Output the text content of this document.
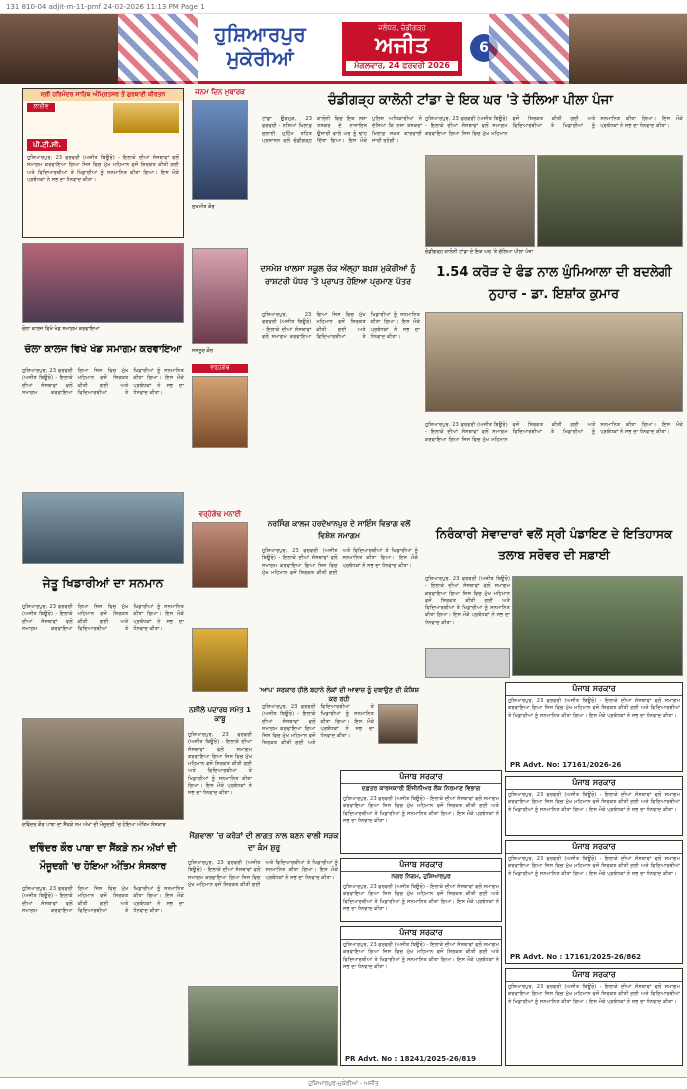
131 810-04 adjit-m-11-pmf 24-02-2026 11:13 PM Page 1
ਹੁਸ਼ਿਆਰਪੁਰ
ਮੁਕੇਰੀਆਂ
ਜਲੰਧਰ, ਚੰਡੀਗੜ੍ਹ
ਅਜੀਤ
ਮੰਗਲਵਾਰ, 24 ਫਰਵਰੀ 2026
6
ਸ੍ਰੀ ਹਰਿਮੰਦਰ ਸਾਹਿਬ ਅੰਮ੍ਰਿਤਸਰ ਤੋਂ ਗੁਰਬਾਣੀ ਕੀਰਤਨ
ਲਾਈਵ
ਪੀ.ਟੀ.ਸੀ.
ਹੁਸ਼ਿਆਰਪੁਰ, 23 ਫਰਵਰੀ (ਅਜੀਤ ਬਿਊਰੋ) - ਇਲਾਕੇ ਦੀਆਂ ਸੰਸਥਾਵਾਂ ਵਲੋਂ ਸਮਾਗਮ ਕਰਵਾਇਆ ਗਿਆ ਜਿਸ ਵਿਚ ਮੁੱਖ ਮਹਿਮਾਨ ਵਜੋਂ ਸ਼ਿਰਕਤ ਕੀਤੀ ਗਈ ਅਤੇ ਵਿਦਿਆਰਥੀਆਂ ਤੇ ਖਿਡਾਰੀਆਂ ਨੂੰ ਸਨਮਾਨਿਤ ਕੀਤਾ ਗਿਆ। ਇਸ ਮੌਕੇ ਪ੍ਰਬੰਧਕਾਂ ਨੇ ਸਭ ਦਾ ਧੰਨਵਾਦ ਕੀਤਾ।
ਜਨਮ ਦਿਨ ਮੁਬਾਰਕ
ਸੁਖਮੀਤ ਕੌਰ
ਜਸਨੂਰ ਕੌਰ
ਵਰ੍ਹੇਗੰਢ
ਚੰਡੀਗੜ੍ਹ ਕਾਲੋਨੀ ਟਾਂਡਾ ਦੇ ਇਕ ਘਰ 'ਤੇ ਚੱਲਿਆ ਪੀਲਾ ਪੰਜਾ
ਟਾਂਡਾ ਉੜਮੁੜ, 23 ਫਰਵਰੀ - ਨਸ਼ਿਆਂ ਖ਼ਿਲਾਫ਼ ਚਲਾਈ ਮੁਹਿੰਮ ਤਹਿਤ ਪ੍ਰਸ਼ਾਸਨ ਵਲੋਂ ਚੰਡੀਗੜ੍ਹ ਕਾਲੋਨੀ ਵਿਚ ਇਕ ਨਸ਼ਾ ਤਸਕਰ ਦੇ ਨਾਜਾਇਜ਼ ਉਸਾਰੀ ਵਾਲੇ ਘਰ ਨੂੰ ਢਾਹ ਦਿੱਤਾ ਗਿਆ। ਇਸ ਮੌਕੇ ਪੁਲਿਸ ਅਧਿਕਾਰੀਆਂ ਨੇ ਦੱਸਿਆ ਕਿ ਨਸ਼ਾ ਤਸਕਰਾਂ ਖ਼ਿਲਾਫ਼ ਸਖ਼ਤ ਕਾਰਵਾਈ ਜਾਰੀ ਰਹੇਗੀ।
ਹੁਸ਼ਿਆਰਪੁਰ, 23 ਫਰਵਰੀ (ਅਜੀਤ ਬਿਊਰੋ) - ਇਲਾਕੇ ਦੀਆਂ ਸੰਸਥਾਵਾਂ ਵਲੋਂ ਸਮਾਗਮ ਕਰਵਾਇਆ ਗਿਆ ਜਿਸ ਵਿਚ ਮੁੱਖ ਮਹਿਮਾਨ ਵਜੋਂ ਸ਼ਿਰਕਤ ਕੀਤੀ ਗਈ ਅਤੇ ਵਿਦਿਆਰਥੀਆਂ ਤੇ ਖਿਡਾਰੀਆਂ ਨੂੰ ਸਨਮਾਨਿਤ ਕੀਤਾ ਗਿਆ। ਇਸ ਮੌਕੇ ਪ੍ਰਬੰਧਕਾਂ ਨੇ ਸਭ ਦਾ ਧੰਨਵਾਦ ਕੀਤਾ।
ਚੰਡੀਗੜ੍ਹ ਕਾਲੋਨੀ ਟਾਂਡਾ ਦੇ ਇਕ ਘਰ 'ਤੇ ਚੱਲਿਆ ਪੀਲਾ ਪੰਜਾ
ਚੋਲਾ ਕਾਲਜ ਵਿਖੇ ਖੇਡ ਸਮਾਗਮ ਕਰਵਾਇਆ
ਚੋਲਾ ਕਾਲਜ ਵਿਖੇ ਖੇਡ ਸਮਾਗਮ ਕਰਵਾਇਆ
ਹੁਸ਼ਿਆਰਪੁਰ, 23 ਫਰਵਰੀ (ਅਜੀਤ ਬਿਊਰੋ) - ਇਲਾਕੇ ਦੀਆਂ ਸੰਸਥਾਵਾਂ ਵਲੋਂ ਸਮਾਗਮ ਕਰਵਾਇਆ ਗਿਆ ਜਿਸ ਵਿਚ ਮੁੱਖ ਮਹਿਮਾਨ ਵਜੋਂ ਸ਼ਿਰਕਤ ਕੀਤੀ ਗਈ ਅਤੇ ਵਿਦਿਆਰਥੀਆਂ ਤੇ ਖਿਡਾਰੀਆਂ ਨੂੰ ਸਨਮਾਨਿਤ ਕੀਤਾ ਗਿਆ। ਇਸ ਮੌਕੇ ਪ੍ਰਬੰਧਕਾਂ ਨੇ ਸਭ ਦਾ ਧੰਨਵਾਦ ਕੀਤਾ।
ਦਸਮੇਸ਼ ਖਾਲਸਾ ਸਕੂਲ ਚੱਕ ਅੱਲ੍ਹਾ ਬਖ਼ਸ਼ ਮੁਕੇਰੀਆਂ ਨੂੰ ਰਾਸ਼ਟਰੀ ਪੱਧਰ 'ਤੇ ਪ੍ਰਾਪਤ ਹੋਇਆ ਪ੍ਰਮਾਣ ਪੱਤਰ
ਹੁਸ਼ਿਆਰਪੁਰ, 23 ਫਰਵਰੀ (ਅਜੀਤ ਬਿਊਰੋ) - ਇਲਾਕੇ ਦੀਆਂ ਸੰਸਥਾਵਾਂ ਵਲੋਂ ਸਮਾਗਮ ਕਰਵਾਇਆ ਗਿਆ ਜਿਸ ਵਿਚ ਮੁੱਖ ਮਹਿਮਾਨ ਵਜੋਂ ਸ਼ਿਰਕਤ ਕੀਤੀ ਗਈ ਅਤੇ ਵਿਦਿਆਰਥੀਆਂ ਤੇ ਖਿਡਾਰੀਆਂ ਨੂੰ ਸਨਮਾਨਿਤ ਕੀਤਾ ਗਿਆ। ਇਸ ਮੌਕੇ ਪ੍ਰਬੰਧਕਾਂ ਨੇ ਸਭ ਦਾ ਧੰਨਵਾਦ ਕੀਤਾ।
1.54 ਕਰੋੜ ਦੇ ਫੰਡ ਨਾਲ ਘੁੰਮਿਆਲਾ ਦੀ ਬਦਲੇਗੀ ਨੁਹਾਰ - ਡਾ. ਇਸ਼ਾਂਕ ਕੁਮਾਰ
ਹੁਸ਼ਿਆਰਪੁਰ, 23 ਫਰਵਰੀ (ਅਜੀਤ ਬਿਊਰੋ) - ਇਲਾਕੇ ਦੀਆਂ ਸੰਸਥਾਵਾਂ ਵਲੋਂ ਸਮਾਗਮ ਕਰਵਾਇਆ ਗਿਆ ਜਿਸ ਵਿਚ ਮੁੱਖ ਮਹਿਮਾਨ ਵਜੋਂ ਸ਼ਿਰਕਤ ਕੀਤੀ ਗਈ ਅਤੇ ਵਿਦਿਆਰਥੀਆਂ ਤੇ ਖਿਡਾਰੀਆਂ ਨੂੰ ਸਨਮਾਨਿਤ ਕੀਤਾ ਗਿਆ। ਇਸ ਮੌਕੇ ਪ੍ਰਬੰਧਕਾਂ ਨੇ ਸਭ ਦਾ ਧੰਨਵਾਦ ਕੀਤਾ।
ਨਿਰੰਕਾਰੀ ਸੇਵਾਦਾਰਾਂ ਵਲੋਂ ਸ੍ਰੀ ਪੰਡਾਇਣ ਦੇ ਇਤਿਹਾਸਕ ਤਲਾਬ ਸਰੋਵਰ ਦੀ ਸਫ਼ਾਈ
ਹੁਸ਼ਿਆਰਪੁਰ, 23 ਫਰਵਰੀ (ਅਜੀਤ ਬਿਊਰੋ) - ਇਲਾਕੇ ਦੀਆਂ ਸੰਸਥਾਵਾਂ ਵਲੋਂ ਸਮਾਗਮ ਕਰਵਾਇਆ ਗਿਆ ਜਿਸ ਵਿਚ ਮੁੱਖ ਮਹਿਮਾਨ ਵਜੋਂ ਸ਼ਿਰਕਤ ਕੀਤੀ ਗਈ ਅਤੇ ਵਿਦਿਆਰਥੀਆਂ ਤੇ ਖਿਡਾਰੀਆਂ ਨੂੰ ਸਨਮਾਨਿਤ ਕੀਤਾ ਗਿਆ। ਇਸ ਮੌਕੇ ਪ੍ਰਬੰਧਕਾਂ ਨੇ ਸਭ ਦਾ ਧੰਨਵਾਦ ਕੀਤਾ।
ਨਰਸਿੰਗ ਕਾਲਜ ਹਰਦੋਖਾਨਪੁਰ ਦੇ ਸਾਇੰਸ ਵਿਭਾਗ ਵਲੋਂ ਵਿਸ਼ੇਸ਼ ਸਮਾਗਮ
ਹੁਸ਼ਿਆਰਪੁਰ, 23 ਫਰਵਰੀ (ਅਜੀਤ ਬਿਊਰੋ) - ਇਲਾਕੇ ਦੀਆਂ ਸੰਸਥਾਵਾਂ ਵਲੋਂ ਸਮਾਗਮ ਕਰਵਾਇਆ ਗਿਆ ਜਿਸ ਵਿਚ ਮੁੱਖ ਮਹਿਮਾਨ ਵਜੋਂ ਸ਼ਿਰਕਤ ਕੀਤੀ ਗਈ ਅਤੇ ਵਿਦਿਆਰਥੀਆਂ ਤੇ ਖਿਡਾਰੀਆਂ ਨੂੰ ਸਨਮਾਨਿਤ ਕੀਤਾ ਗਿਆ। ਇਸ ਮੌਕੇ ਪ੍ਰਬੰਧਕਾਂ ਨੇ ਸਭ ਦਾ ਧੰਨਵਾਦ ਕੀਤਾ।
ਵਰ੍ਹੇਗੰਢ ਮਨਾਈ
ਜੇਤੂ ਖਿਡਾਰੀਆਂ ਦਾ ਸਨਮਾਨ
ਹੁਸ਼ਿਆਰਪੁਰ, 23 ਫਰਵਰੀ (ਅਜੀਤ ਬਿਊਰੋ) - ਇਲਾਕੇ ਦੀਆਂ ਸੰਸਥਾਵਾਂ ਵਲੋਂ ਸਮਾਗਮ ਕਰਵਾਇਆ ਗਿਆ ਜਿਸ ਵਿਚ ਮੁੱਖ ਮਹਿਮਾਨ ਵਜੋਂ ਸ਼ਿਰਕਤ ਕੀਤੀ ਗਈ ਅਤੇ ਵਿਦਿਆਰਥੀਆਂ ਤੇ ਖਿਡਾਰੀਆਂ ਨੂੰ ਸਨਮਾਨਿਤ ਕੀਤਾ ਗਿਆ। ਇਸ ਮੌਕੇ ਪ੍ਰਬੰਧਕਾਂ ਨੇ ਸਭ ਦਾ ਧੰਨਵਾਦ ਕੀਤਾ।
'ਆਪ' ਸਰਕਾਰ ਹੀਲੇ ਬਹਾਨੇ ਲੋਕਾਂ ਦੀ ਆਵਾਜ਼ ਨੂੰ ਦਬਾਉਣ ਦੀ ਕੋਸ਼ਿਸ਼ ਕਰ ਰਹੀ
ਹੁਸ਼ਿਆਰਪੁਰ, 23 ਫਰਵਰੀ (ਅਜੀਤ ਬਿਊਰੋ) - ਇਲਾਕੇ ਦੀਆਂ ਸੰਸਥਾਵਾਂ ਵਲੋਂ ਸਮਾਗਮ ਕਰਵਾਇਆ ਗਿਆ ਜਿਸ ਵਿਚ ਮੁੱਖ ਮਹਿਮਾਨ ਵਜੋਂ ਸ਼ਿਰਕਤ ਕੀਤੀ ਗਈ ਅਤੇ ਵਿਦਿਆਰਥੀਆਂ ਤੇ ਖਿਡਾਰੀਆਂ ਨੂੰ ਸਨਮਾਨਿਤ ਕੀਤਾ ਗਿਆ। ਇਸ ਮੌਕੇ ਪ੍ਰਬੰਧਕਾਂ ਨੇ ਸਭ ਦਾ ਧੰਨਵਾਦ ਕੀਤਾ।
ਨਸ਼ੀਲੇ ਪਦਾਰਥ ਸਮੇਤ 1 ਕਾਬੂ
ਹੁਸ਼ਿਆਰਪੁਰ, 23 ਫਰਵਰੀ (ਅਜੀਤ ਬਿਊਰੋ) - ਇਲਾਕੇ ਦੀਆਂ ਸੰਸਥਾਵਾਂ ਵਲੋਂ ਸਮਾਗਮ ਕਰਵਾਇਆ ਗਿਆ ਜਿਸ ਵਿਚ ਮੁੱਖ ਮਹਿਮਾਨ ਵਜੋਂ ਸ਼ਿਰਕਤ ਕੀਤੀ ਗਈ ਅਤੇ ਵਿਦਿਆਰਥੀਆਂ ਤੇ ਖਿਡਾਰੀਆਂ ਨੂੰ ਸਨਮਾਨਿਤ ਕੀਤਾ ਗਿਆ। ਇਸ ਮੌਕੇ ਪ੍ਰਬੰਧਕਾਂ ਨੇ ਸਭ ਦਾ ਧੰਨਵਾਦ ਕੀਤਾ।
ਦਵਿੰਦਰ ਕੌਰ ਪਾਬਾ ਦਾ ਸੈਂਕੜੇ ਨਮ ਅੱਖਾਂ ਦੀ ਮੌਜੂਦਗੀ 'ਚ ਹੋਇਆ ਅੰਤਿਮ ਸੰਸਕਾਰ
ਦਵਿੰਦਰ ਕੌਰ ਪਾਬਾ ਦਾ ਸੈਂਕੜੇ ਨਮ ਅੱਖਾਂ ਦੀ ਮੌਜੂਦਗੀ 'ਚ ਹੋਇਆ ਅੰਤਿਮ ਸੰਸਕਾਰ
ਹੁਸ਼ਿਆਰਪੁਰ, 23 ਫਰਵਰੀ (ਅਜੀਤ ਬਿਊਰੋ) - ਇਲਾਕੇ ਦੀਆਂ ਸੰਸਥਾਵਾਂ ਵਲੋਂ ਸਮਾਗਮ ਕਰਵਾਇਆ ਗਿਆ ਜਿਸ ਵਿਚ ਮੁੱਖ ਮਹਿਮਾਨ ਵਜੋਂ ਸ਼ਿਰਕਤ ਕੀਤੀ ਗਈ ਅਤੇ ਵਿਦਿਆਰਥੀਆਂ ਤੇ ਖਿਡਾਰੀਆਂ ਨੂੰ ਸਨਮਾਨਿਤ ਕੀਤਾ ਗਿਆ। ਇਸ ਮੌਕੇ ਪ੍ਰਬੰਧਕਾਂ ਨੇ ਸਭ ਦਾ ਧੰਨਵਾਦ ਕੀਤਾ।
ਮੈਂਗਵਾਲਾ 'ਚ ਕਰੋੜਾਂ ਦੀ ਲਾਗਤ ਨਾਲ ਬਣਨ ਵਾਲੀ ਸੜਕ ਦਾ ਕੰਮ ਸ਼ੁਰੂ
ਹੁਸ਼ਿਆਰਪੁਰ, 23 ਫਰਵਰੀ (ਅਜੀਤ ਬਿਊਰੋ) - ਇਲਾਕੇ ਦੀਆਂ ਸੰਸਥਾਵਾਂ ਵਲੋਂ ਸਮਾਗਮ ਕਰਵਾਇਆ ਗਿਆ ਜਿਸ ਵਿਚ ਮੁੱਖ ਮਹਿਮਾਨ ਵਜੋਂ ਸ਼ਿਰਕਤ ਕੀਤੀ ਗਈ ਅਤੇ ਵਿਦਿਆਰਥੀਆਂ ਤੇ ਖਿਡਾਰੀਆਂ ਨੂੰ ਸਨਮਾਨਿਤ ਕੀਤਾ ਗਿਆ। ਇਸ ਮੌਕੇ ਪ੍ਰਬੰਧਕਾਂ ਨੇ ਸਭ ਦਾ ਧੰਨਵਾਦ ਕੀਤਾ।
ਪੰਜਾਬ ਸਰਕਾਰ
ਹੁਸ਼ਿਆਰਪੁਰ, 23 ਫਰਵਰੀ (ਅਜੀਤ ਬਿਊਰੋ) - ਇਲਾਕੇ ਦੀਆਂ ਸੰਸਥਾਵਾਂ ਵਲੋਂ ਸਮਾਗਮ ਕਰਵਾਇਆ ਗਿਆ ਜਿਸ ਵਿਚ ਮੁੱਖ ਮਹਿਮਾਨ ਵਜੋਂ ਸ਼ਿਰਕਤ ਕੀਤੀ ਗਈ ਅਤੇ ਵਿਦਿਆਰਥੀਆਂ ਤੇ ਖਿਡਾਰੀਆਂ ਨੂੰ ਸਨਮਾਨਿਤ ਕੀਤਾ ਗਿਆ। ਇਸ ਮੌਕੇ ਪ੍ਰਬੰਧਕਾਂ ਨੇ ਸਭ ਦਾ ਧੰਨਵਾਦ ਕੀਤਾ।
PR Advt. No: 17161/2026-26
ਪੰਜਾਬ ਸਰਕਾਰ
ਹੁਸ਼ਿਆਰਪੁਰ, 23 ਫਰਵਰੀ (ਅਜੀਤ ਬਿਊਰੋ) - ਇਲਾਕੇ ਦੀਆਂ ਸੰਸਥਾਵਾਂ ਵਲੋਂ ਸਮਾਗਮ ਕਰਵਾਇਆ ਗਿਆ ਜਿਸ ਵਿਚ ਮੁੱਖ ਮਹਿਮਾਨ ਵਜੋਂ ਸ਼ਿਰਕਤ ਕੀਤੀ ਗਈ ਅਤੇ ਵਿਦਿਆਰਥੀਆਂ ਤੇ ਖਿਡਾਰੀਆਂ ਨੂੰ ਸਨਮਾਨਿਤ ਕੀਤਾ ਗਿਆ। ਇਸ ਮੌਕੇ ਪ੍ਰਬੰਧਕਾਂ ਨੇ ਸਭ ਦਾ ਧੰਨਵਾਦ ਕੀਤਾ।
ਪੰਜਾਬ ਸਰਕਾਰ
ਦਫ਼ਤਰ ਕਾਰਜਕਾਰੀ ਇੰਜੀਨੀਅਰ ਲੋਕ ਨਿਰਮਾਣ ਵਿਭਾਗ
ਹੁਸ਼ਿਆਰਪੁਰ, 23 ਫਰਵਰੀ (ਅਜੀਤ ਬਿਊਰੋ) - ਇਲਾਕੇ ਦੀਆਂ ਸੰਸਥਾਵਾਂ ਵਲੋਂ ਸਮਾਗਮ ਕਰਵਾਇਆ ਗਿਆ ਜਿਸ ਵਿਚ ਮੁੱਖ ਮਹਿਮਾਨ ਵਜੋਂ ਸ਼ਿਰਕਤ ਕੀਤੀ ਗਈ ਅਤੇ ਵਿਦਿਆਰਥੀਆਂ ਤੇ ਖਿਡਾਰੀਆਂ ਨੂੰ ਸਨਮਾਨਿਤ ਕੀਤਾ ਗਿਆ। ਇਸ ਮੌਕੇ ਪ੍ਰਬੰਧਕਾਂ ਨੇ ਸਭ ਦਾ ਧੰਨਵਾਦ ਕੀਤਾ।
ਪੰਜਾਬ ਸਰਕਾਰ
ਨਗਰ ਨਿਗਮ, ਹੁਸ਼ਿਆਰਪੁਰ
ਹੁਸ਼ਿਆਰਪੁਰ, 23 ਫਰਵਰੀ (ਅਜੀਤ ਬਿਊਰੋ) - ਇਲਾਕੇ ਦੀਆਂ ਸੰਸਥਾਵਾਂ ਵਲੋਂ ਸਮਾਗਮ ਕਰਵਾਇਆ ਗਿਆ ਜਿਸ ਵਿਚ ਮੁੱਖ ਮਹਿਮਾਨ ਵਜੋਂ ਸ਼ਿਰਕਤ ਕੀਤੀ ਗਈ ਅਤੇ ਵਿਦਿਆਰਥੀਆਂ ਤੇ ਖਿਡਾਰੀਆਂ ਨੂੰ ਸਨਮਾਨਿਤ ਕੀਤਾ ਗਿਆ। ਇਸ ਮੌਕੇ ਪ੍ਰਬੰਧਕਾਂ ਨੇ ਸਭ ਦਾ ਧੰਨਵਾਦ ਕੀਤਾ।
ਪੰਜਾਬ ਸਰਕਾਰ
ਹੁਸ਼ਿਆਰਪੁਰ, 23 ਫਰਵਰੀ (ਅਜੀਤ ਬਿਊਰੋ) - ਇਲਾਕੇ ਦੀਆਂ ਸੰਸਥਾਵਾਂ ਵਲੋਂ ਸਮਾਗਮ ਕਰਵਾਇਆ ਗਿਆ ਜਿਸ ਵਿਚ ਮੁੱਖ ਮਹਿਮਾਨ ਵਜੋਂ ਸ਼ਿਰਕਤ ਕੀਤੀ ਗਈ ਅਤੇ ਵਿਦਿਆਰਥੀਆਂ ਤੇ ਖਿਡਾਰੀਆਂ ਨੂੰ ਸਨਮਾਨਿਤ ਕੀਤਾ ਗਿਆ। ਇਸ ਮੌਕੇ ਪ੍ਰਬੰਧਕਾਂ ਨੇ ਸਭ ਦਾ ਧੰਨਵਾਦ ਕੀਤਾ।
PR Advt. No : 17161/2025-26/862
ਪੰਜਾਬ ਸਰਕਾਰ
ਹੁਸ਼ਿਆਰਪੁਰ, 23 ਫਰਵਰੀ (ਅਜੀਤ ਬਿਊਰੋ) - ਇਲਾਕੇ ਦੀਆਂ ਸੰਸਥਾਵਾਂ ਵਲੋਂ ਸਮਾਗਮ ਕਰਵਾਇਆ ਗਿਆ ਜਿਸ ਵਿਚ ਮੁੱਖ ਮਹਿਮਾਨ ਵਜੋਂ ਸ਼ਿਰਕਤ ਕੀਤੀ ਗਈ ਅਤੇ ਵਿਦਿਆਰਥੀਆਂ ਤੇ ਖਿਡਾਰੀਆਂ ਨੂੰ ਸਨਮਾਨਿਤ ਕੀਤਾ ਗਿਆ। ਇਸ ਮੌਕੇ ਪ੍ਰਬੰਧਕਾਂ ਨੇ ਸਭ ਦਾ ਧੰਨਵਾਦ ਕੀਤਾ।
PR Advt. No : 18241/2025-26/819
ਪੰਜਾਬ ਸਰਕਾਰ
ਹੁਸ਼ਿਆਰਪੁਰ, 23 ਫਰਵਰੀ (ਅਜੀਤ ਬਿਊਰੋ) - ਇਲਾਕੇ ਦੀਆਂ ਸੰਸਥਾਵਾਂ ਵਲੋਂ ਸਮਾਗਮ ਕਰਵਾਇਆ ਗਿਆ ਜਿਸ ਵਿਚ ਮੁੱਖ ਮਹਿਮਾਨ ਵਜੋਂ ਸ਼ਿਰਕਤ ਕੀਤੀ ਗਈ ਅਤੇ ਵਿਦਿਆਰਥੀਆਂ ਤੇ ਖਿਡਾਰੀਆਂ ਨੂੰ ਸਨਮਾਨਿਤ ਕੀਤਾ ਗਿਆ। ਇਸ ਮੌਕੇ ਪ੍ਰਬੰਧਕਾਂ ਨੇ ਸਭ ਦਾ ਧੰਨਵਾਦ ਕੀਤਾ।
ਹੁਸ਼ਿਆਰਪੁਰ-ਮੁਕੇਰੀਆਂ - ਅਜੀਤ
